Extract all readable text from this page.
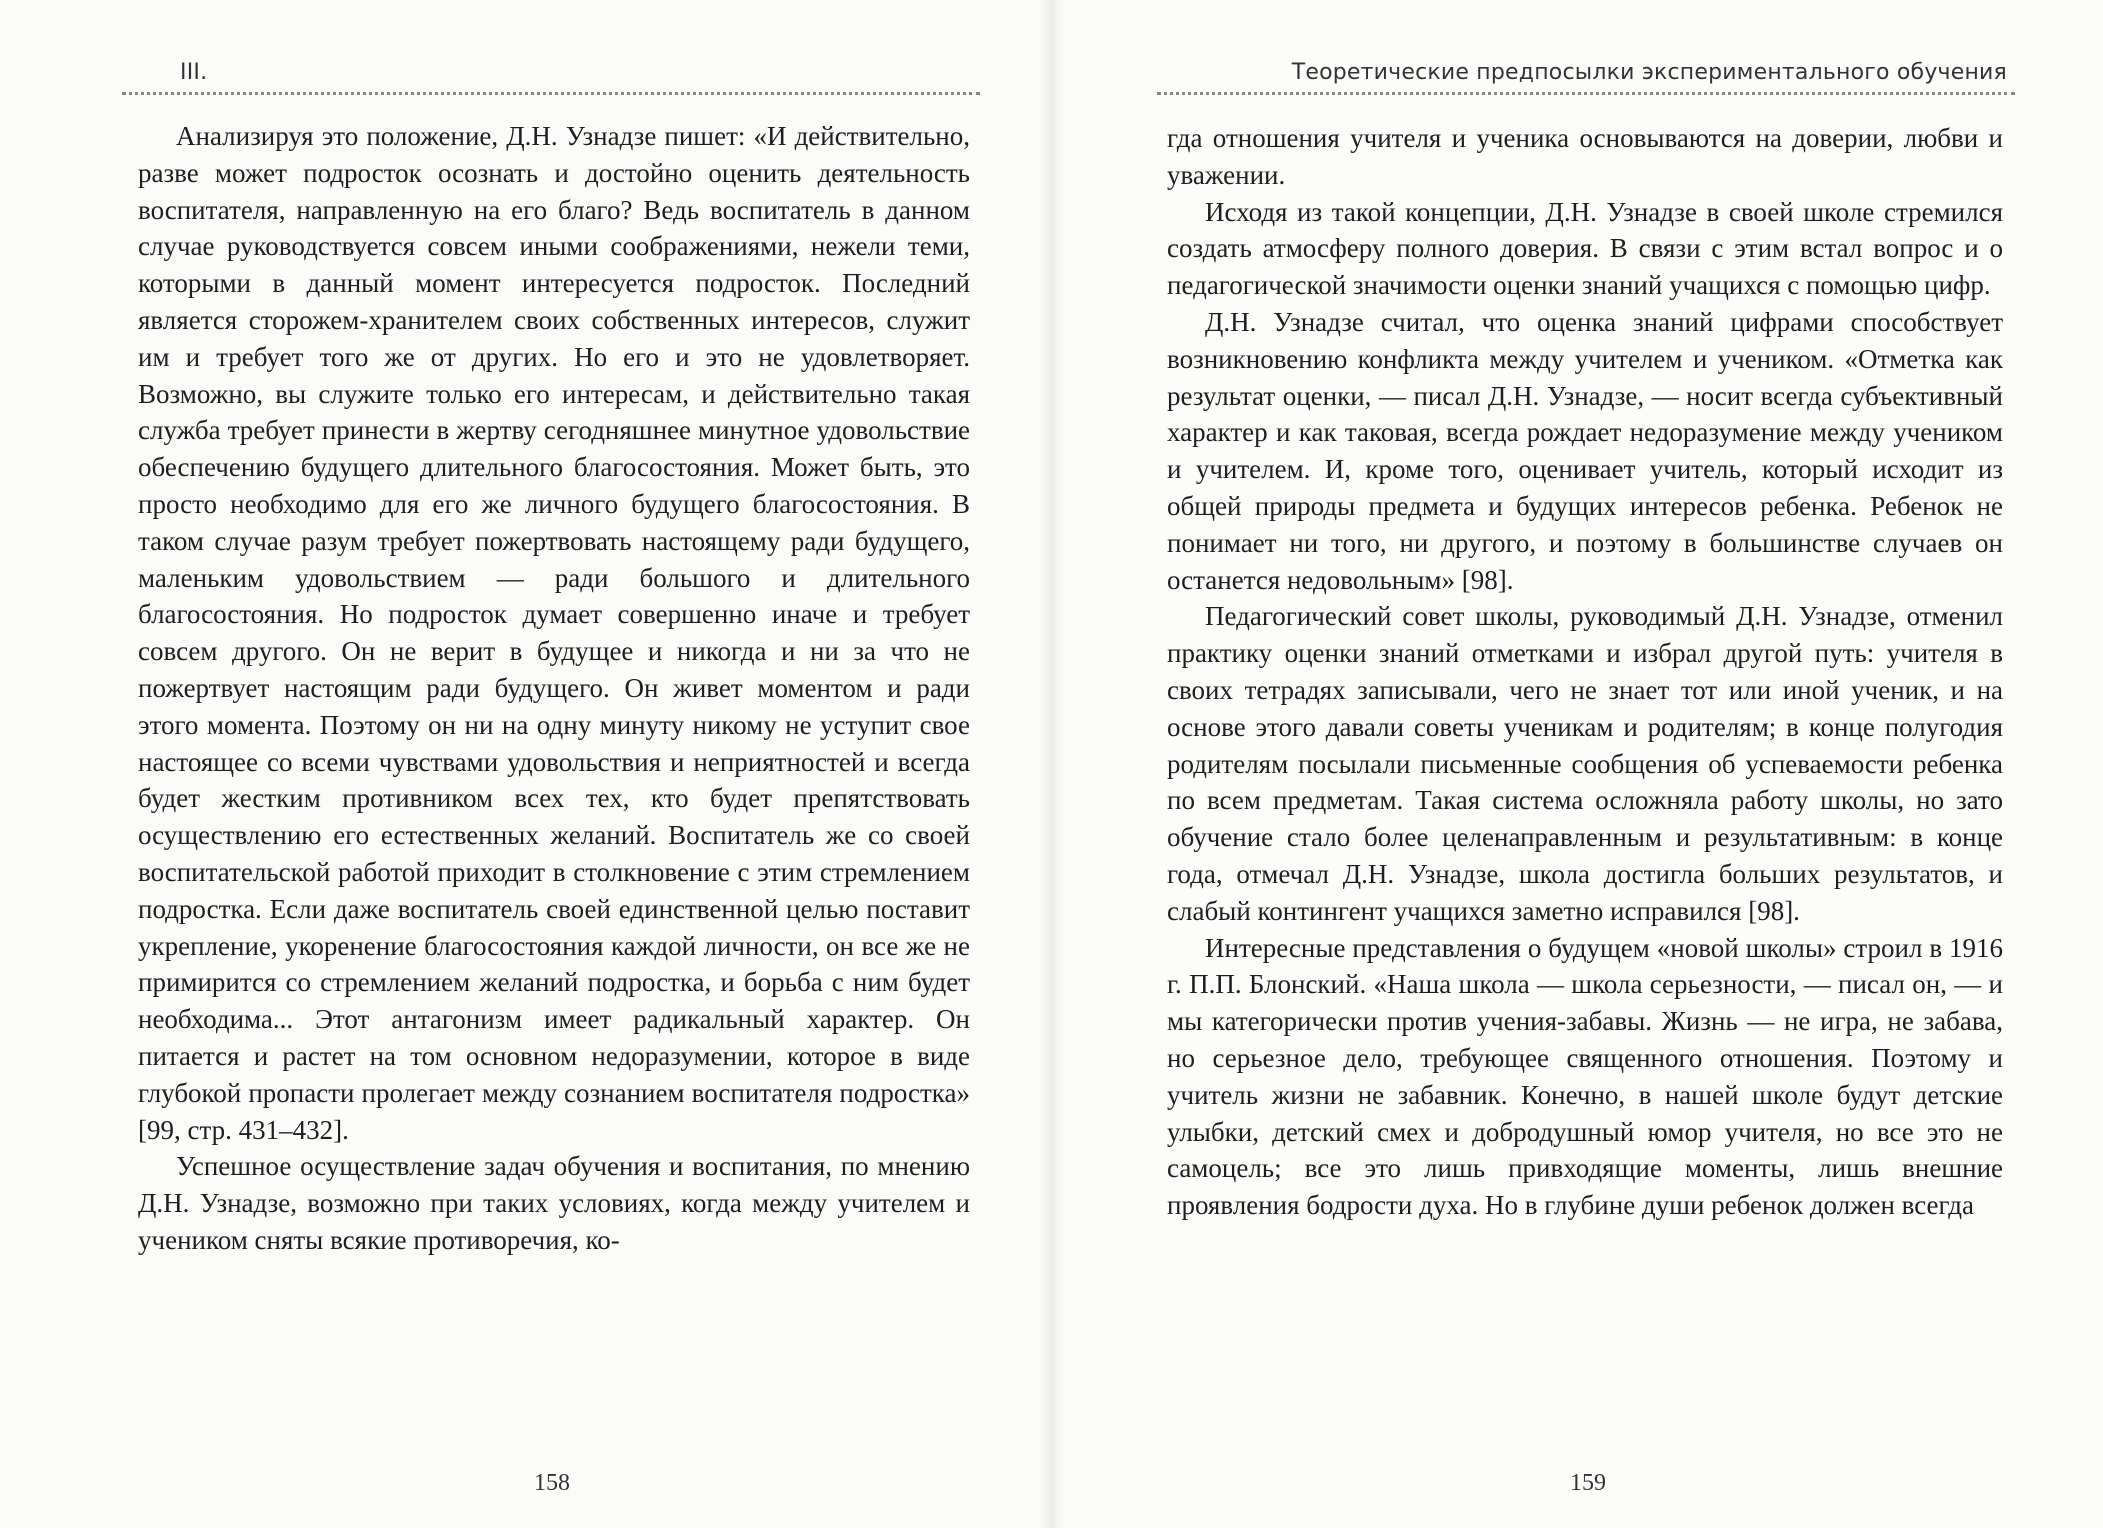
III.

Анализируя это положение, Д.Н. Узнадзе пишет: «И действительно, разве может подросток осознать и достойно оценить деятельность воспитателя, направленную на его благо? Ведь воспитатель в данном случае руководствуется совсем иными соображениями, нежели теми, которыми в данный момент интересуется подросток. Последний является сторожем-хранителем своих собственных интересов, служит им и требует того же от других. Но его и это не удовлетворяет. Возможно, вы служите только его интересам, и действительно такая служба требует принести в жертву сегодняшнее минутное удовольствие обеспечению будущего длительного благосостояния. Может быть, это просто необходимо для его же личного будущего благосостояния. В таком случае разум требует пожертвовать настоящему ради будущего, маленьким удовольствием — ради большого и длительного благосостояния. Но подросток думает совершенно иначе и требует совсем другого. Он не верит в будущее и никогда и ни за что не пожертвует настоящим ради будущего. Он живет моментом и ради этого момента. Поэтому он ни на одну минуту никому не уступит свое настоящее со всеми чувствами удовольствия и неприятностей и всегда будет жестким противником всех тех, кто будет препятствовать осуществлению его естественных желаний. Воспитатель же со своей воспитательской работой приходит в столкновение с этим стремлением подростка. Если даже воспитатель своей единственной целью поставит укрепление, укоренение благосостояния каждой личности, он все же не примирится со стремлением желаний подростка, и борьба с ним будет необходима... Этот антагонизм имеет радикальный характер. Он питается и растет на том основном недоразумении, которое в виде глубокой пропасти пролегает между сознанием воспитателя подростка» [99, стр. 431–432].

Успешное осуществление задач обучения и воспитания, по мнению Д.Н. Узнадзе, возможно при таких условиях, когда между учителем и учеником сняты всякие противоречия, ко-

158
Теоретические предпосылки экспериментального обучения

гда отношения учителя и ученика основываются на доверии, любви и уважении.

Исходя из такой концепции, Д.Н. Узнадзе в своей школе стремился создать атмосферу полного доверия. В связи с этим встал вопрос и о педагогической значимости оценки знаний учащихся с помощью цифр.

Д.Н. Узнадзе считал, что оценка знаний цифрами способствует возникновению конфликта между учителем и учеником. «Отметка как результат оценки, — писал Д.Н. Узнадзе, — носит всегда субъективный характер и как таковая, всегда рождает недоразумение между учеником и учителем. И, кроме того, оценивает учитель, который исходит из общей природы предмета и будущих интересов ребенка. Ребенок не понимает ни того, ни другого, и поэтому в большинстве случаев он останется недовольным» [98].

Педагогический совет школы, руководимый Д.Н. Узнадзе, отменил практику оценки знаний отметками и избрал другой путь: учителя в своих тетрадях записывали, чего не знает тот или иной ученик, и на основе этого давали советы ученикам и родителям; в конце полугодия родителям посылали письменные сообщения об успеваемости ребенка по всем предметам. Такая система осложняла работу школы, но зато обучение стало более целенаправленным и результативным: в конце года, отмечал Д.Н. Узнадзе, школа достигла больших результатов, и слабый контингент учащихся заметно исправился [98].

Интересные представления о будущем «новой школы» строил в 1916 г. П.П. Блонский. «Наша школа — школа серьезности, — писал он, — и мы категорически против учения-забавы. Жизнь — не игра, не забава, но серьезное дело, требующее священного отношения. Поэтому и учитель жизни не забавник. Конечно, в нашей школе будут детские улыбки, детский смех и добродушный юмор учителя, но все это не самоцель; все это лишь привходящие моменты, лишь внешние проявления бодрости духа. Но в глубине души ребенок должен всегда

159
